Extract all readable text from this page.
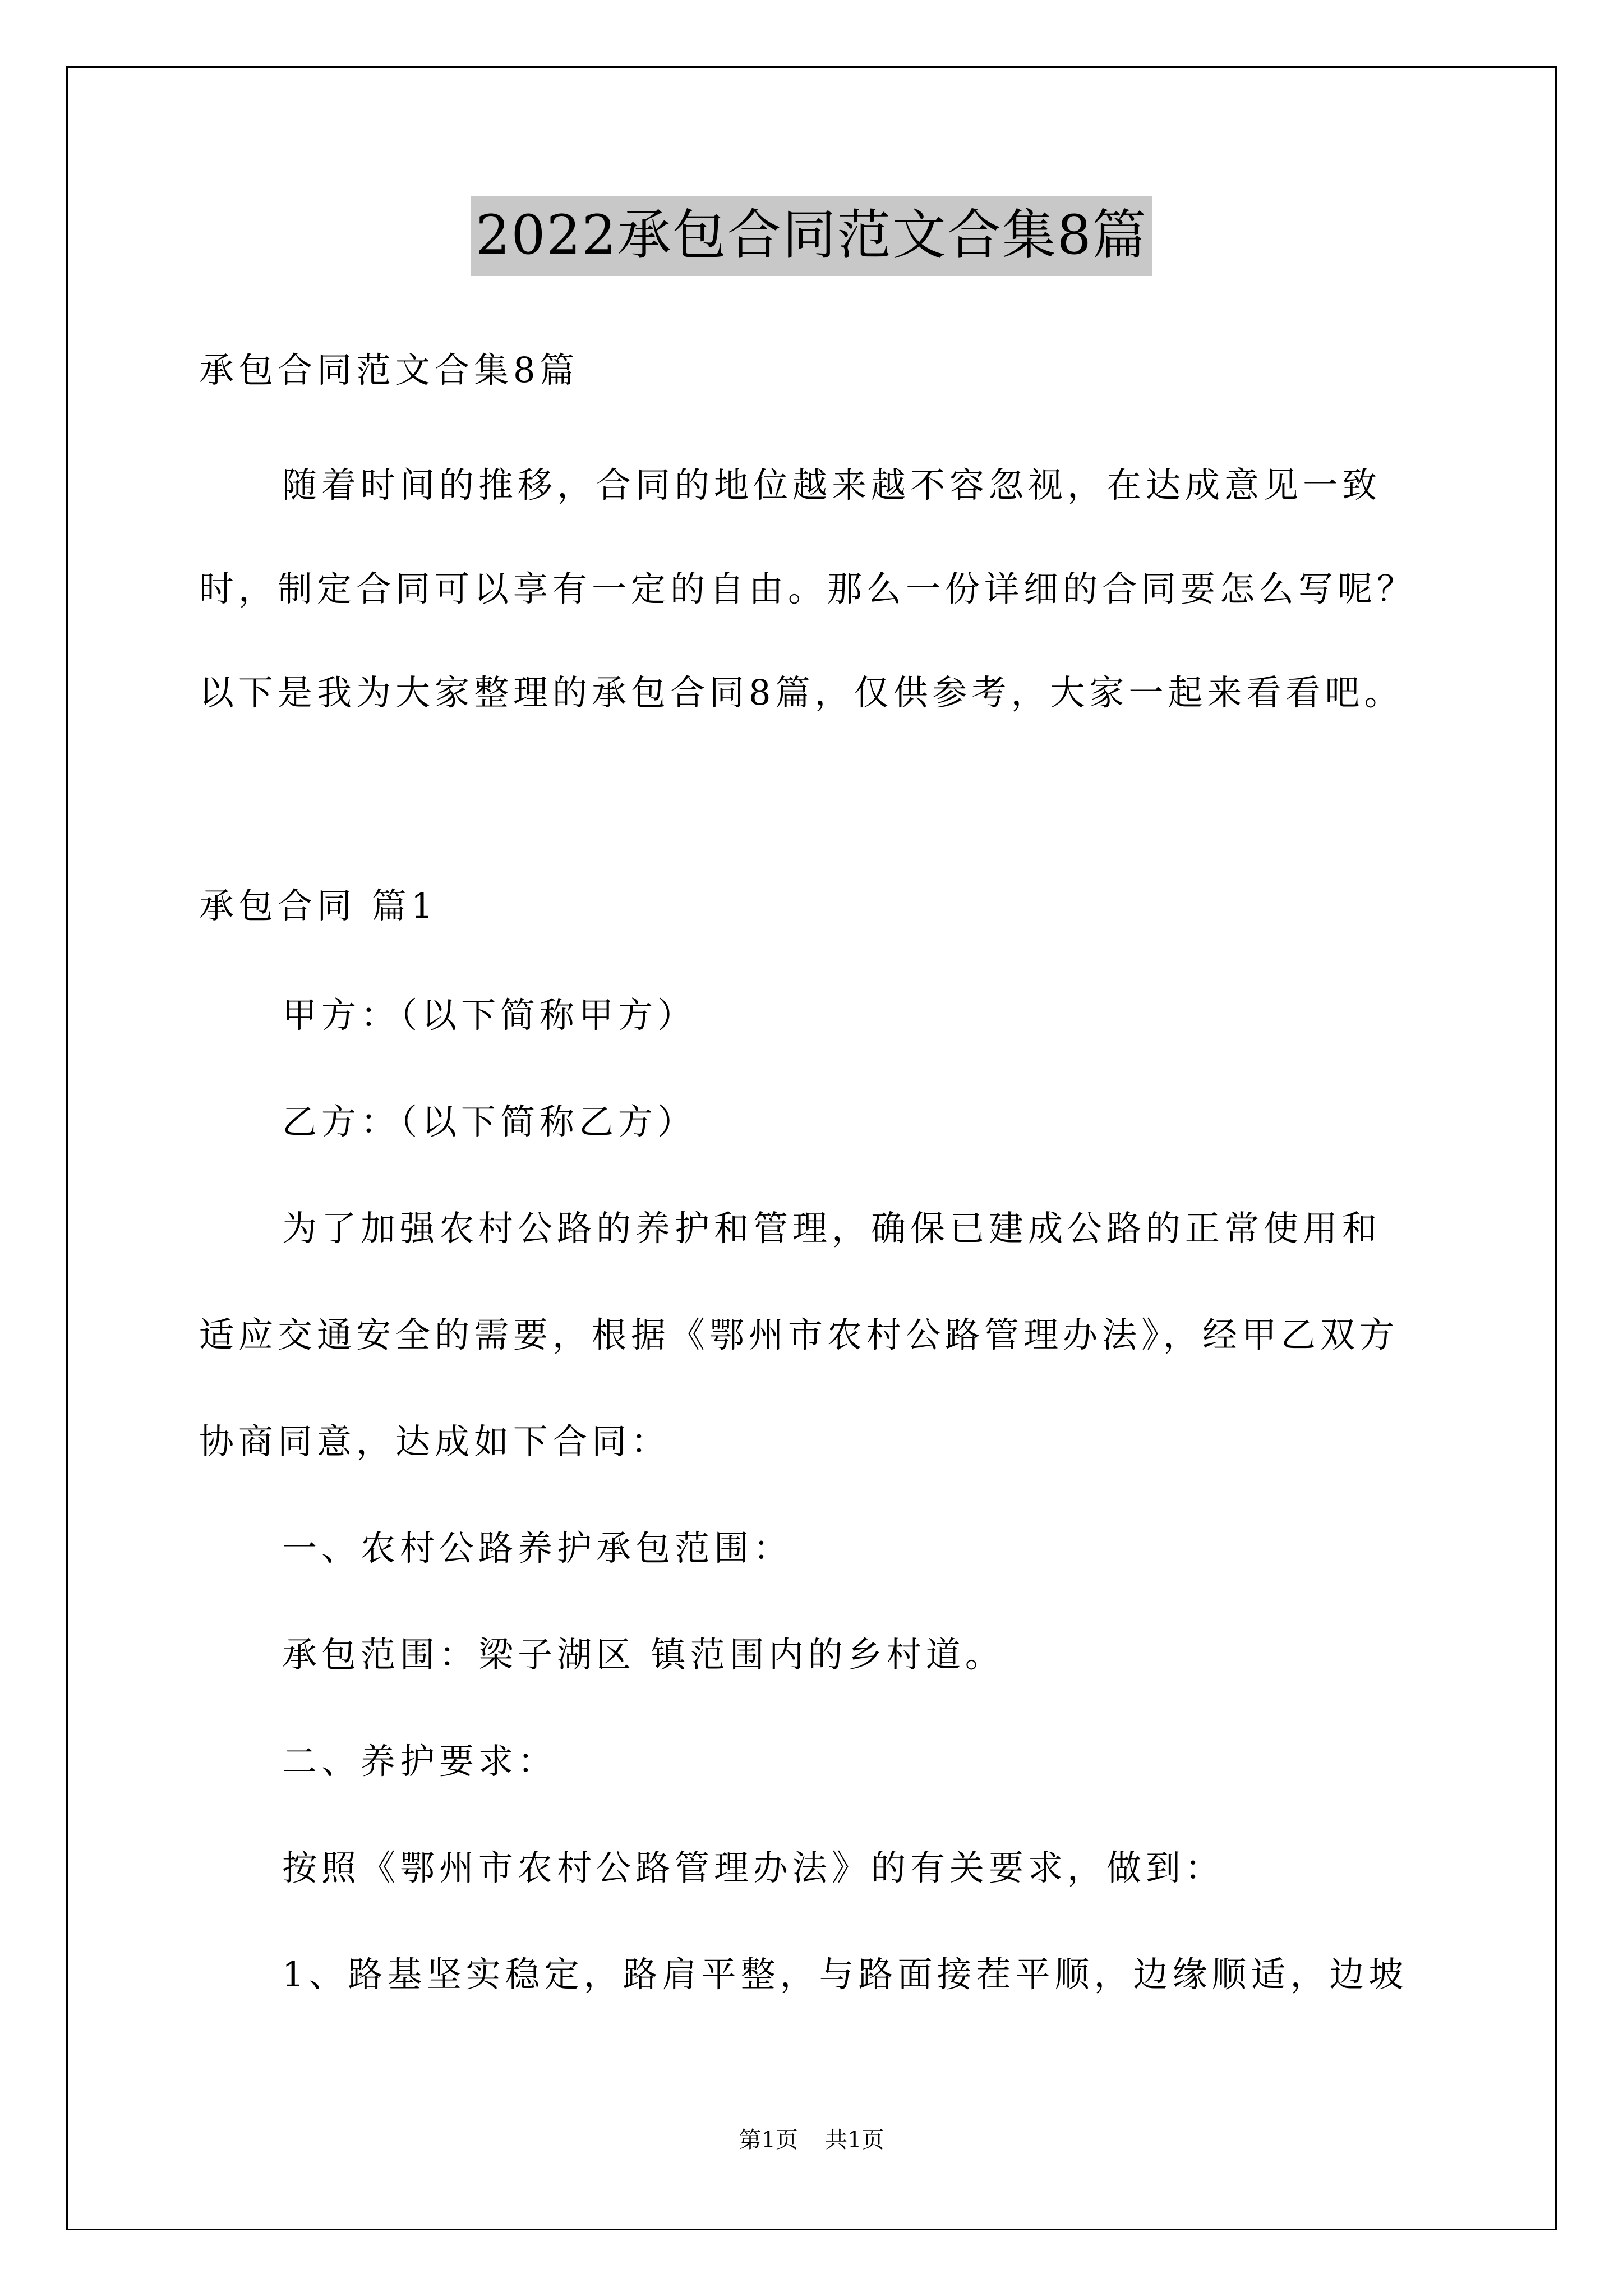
2022承包合同范文合集8篇
承包合同范文合集8篇
随着时间的推移，合同的地位越来越不容忽视，在达成意见一致
时，制定合同可以享有一定的自由。那么一份详细的合同要怎么写呢？
以下是我为大家整理的承包合同8篇，仅供参考，大家一起来看看吧。
承包合同 篇1
甲方：（以下简称甲方）
乙方：（以下简称乙方）
为了加强农村公路的养护和管理，确保已建成公路的正常使用和
适应交通安全的需要，根据《鄂州市农村公路管理办法》，经甲乙双方
协商同意，达成如下合同：
一、农村公路养护承包范围：
承包范围：梁子湖区 镇范围内的乡村道。
二、养护要求：
按照《鄂州市农村公路管理办法》的有关要求，做到：
1、路基坚实稳定，路肩平整，与路面接茬平顺，边缘顺适，边坡
第1页 共1页
